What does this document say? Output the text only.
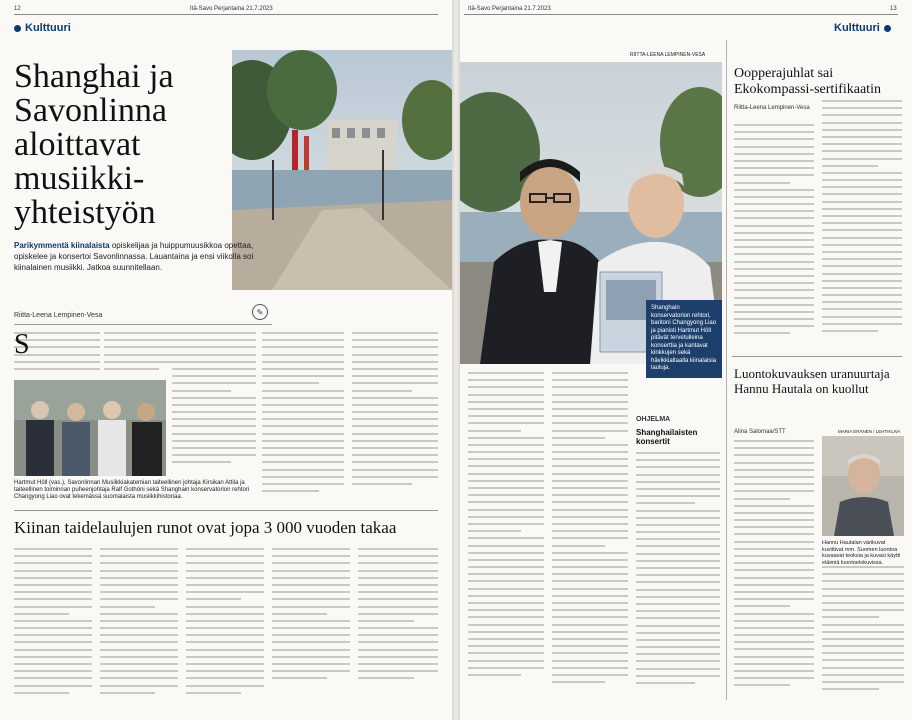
12	Itä-Savo Perjantaina 21.7.2023
Kulttuuri
Shanghai ja Savonlinna aloittavat musiikki-yhteistyön
Parikymmentä kiinalaista opiskelijaa ja huippumuusikkoa opettaa, opiskelee ja konsertoi Savonlinnassa. Lauantaina ja ensi viikolla soi kiinalainen musiikki. Jatkoa suunnitellaan.
✎
Riitta-Leena Lempinen-Vesa
S
Hartmut Höll (vas.), Savonlinnan Musiikkiakatemian taiteellinen johtaja Kirsikan Attila ja taiteellinen toiminnan puheenjohtaja Ralf Gothóni sekä Shanghain konservatorion rehtori Changyong Liao ovat tekemässä suomalaista musiikkihistoriaa.
Kiinan taidelaulujen runot ovat jopa 3 000 vuoden takaa
Itä-Savo Perjantaina 21.7.2023	13
Kulttuuri
RIITTA-LEENA LEMPINEN-VESA
Shanghain konservatorion rehtori, baritoni Changyong Liao ja pianisti Hartmut Höll pitävät tervetulleina konserttia ja kantavat kinkkujen sekä hävikkialtaalla kiinalaisia lauluja.
Oopperajuhlat sai Ekokompassi-sertifikaatin
Riitta-Leena Lempinen-Vesa
OHJELMA
Shanghailaisten konsertit
Luontokuvauksen uranuurtaja Hannu Hautala on kuollut
Alina Salomaa/STT	MARIA ERÄNEN / LEHTIKUVA
Hannu Hautalan värikuvat kuvittivat mm. Suomen luontoa kuvaavat teoksia ja kuvasi käytti eläimiä luontoelokuvissa.
